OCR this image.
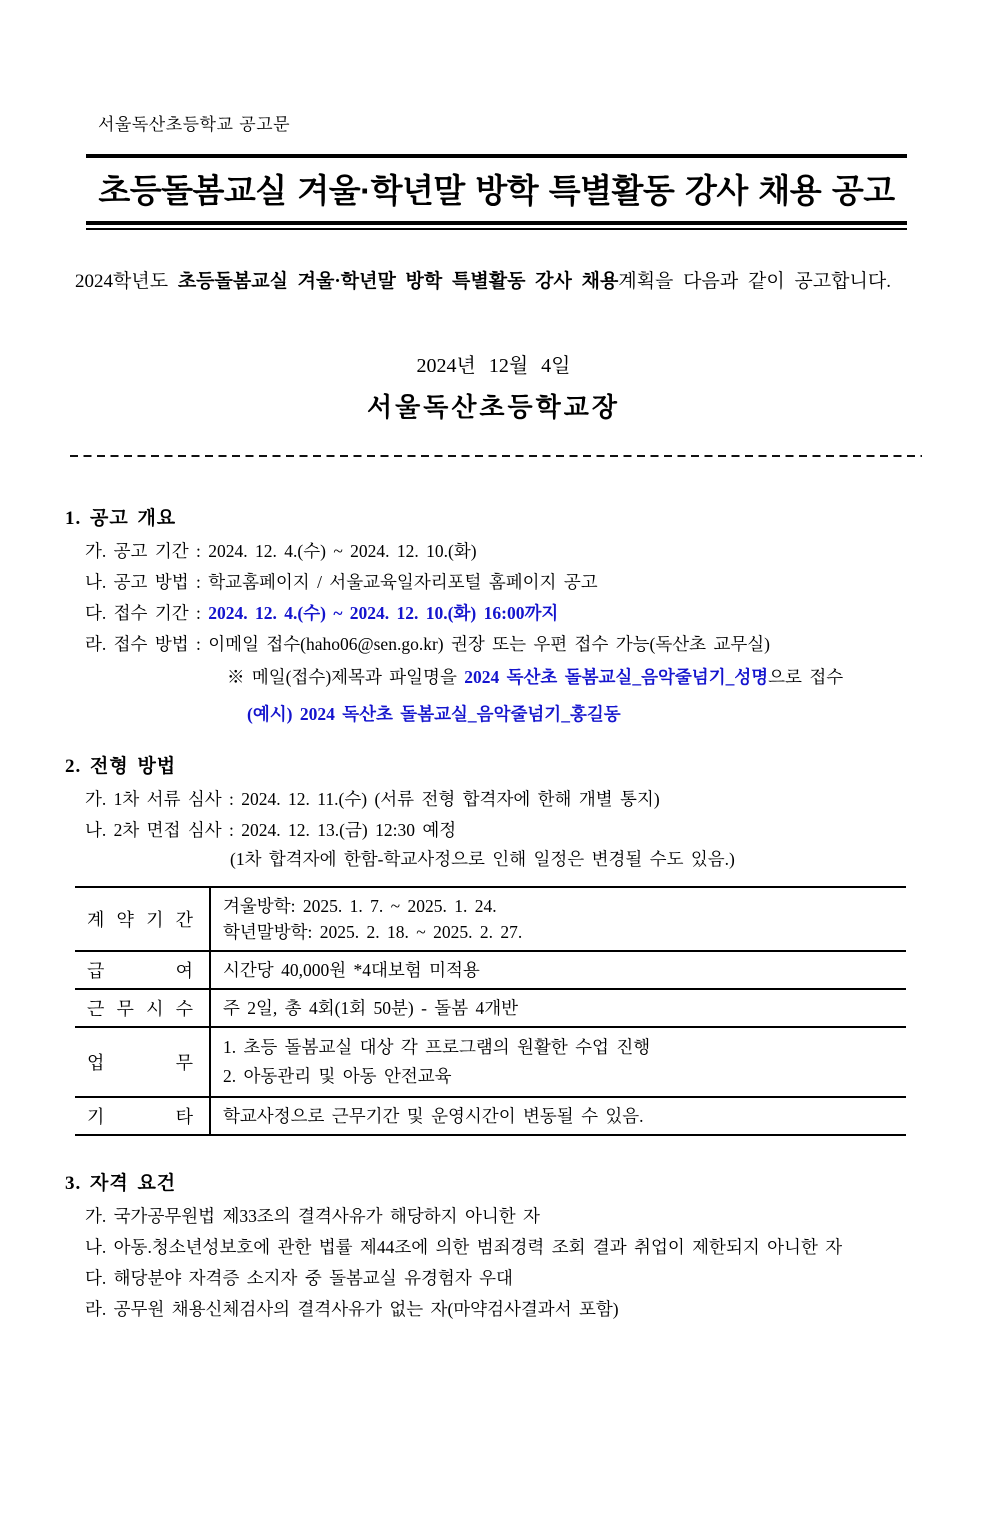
서울독산초등학교 공고문
초등돌봄교실 겨울·학년말 방학 특별활동 강사 채용 공고
2024학년도 초등돌봄교실 겨울·학년말 방학 특별활동 강사 채용계획을 다음과 같이 공고합니다.
2024년 12월 4일
서울독산초등학교장
1. 공고 개요
가. 공고 기간 : 2024. 12. 4.(수) ~ 2024. 12. 10.(화)
나. 공고 방법 : 학교홈페이지 / 서울교육일자리포털 홈페이지 공고
다. 접수 기간 : 2024. 12. 4.(수) ~ 2024. 12. 10.(화) 16:00까지
라. 접수 방법 : 이메일 접수(haho06@sen.go.kr) 권장 또는 우편 접수 가능(독산초 교무실)
※ 메일(접수)제목과 파일명을 2024 독산초 돌봄교실_음악줄넘기_성명으로 접수
(예시) 2024 독산초 돌봄교실_음악줄넘기_홍길동
2. 전형 방법
가. 1차 서류 심사 : 2024. 12. 11.(수) (서류 전형 합격자에 한해 개별 통지)
나. 2차 면접 심사 : 2024. 12. 13.(금) 12:30 예정
(1차 합격자에 한함-학교사정으로 인해 일정은 변경될 수도 있음.)
계 약 기 간
겨울방학: 2025. 1. 7. ~ 2025. 1. 24.
학년말방학: 2025. 2. 18. ~ 2025. 2. 27.
급 여 시간당 40,000원 *4대보험 미적용
근 무 시 수 주 2일, 총 4회(1회 50분) - 돌봄 4개반
업 무
1. 초등 돌봄교실 대상 각 프로그램의 원활한 수업 진행
2. 아동관리 및 아동 안전교육
기 타 학교사정으로 근무기간 및 운영시간이 변동될 수 있음.
3. 자격 요건
가. 국가공무원법 제33조의 결격사유가 해당하지 아니한 자
나. 아동.청소년성보호에 관한 법률 제44조에 의한 범죄경력 조회 결과 취업이 제한되지 아니한 자
다. 해당분야 자격증 소지자 중 돌봄교실 유경험자 우대
라. 공무원 채용신체검사의 결격사유가 없는 자(마약검사결과서 포함)
